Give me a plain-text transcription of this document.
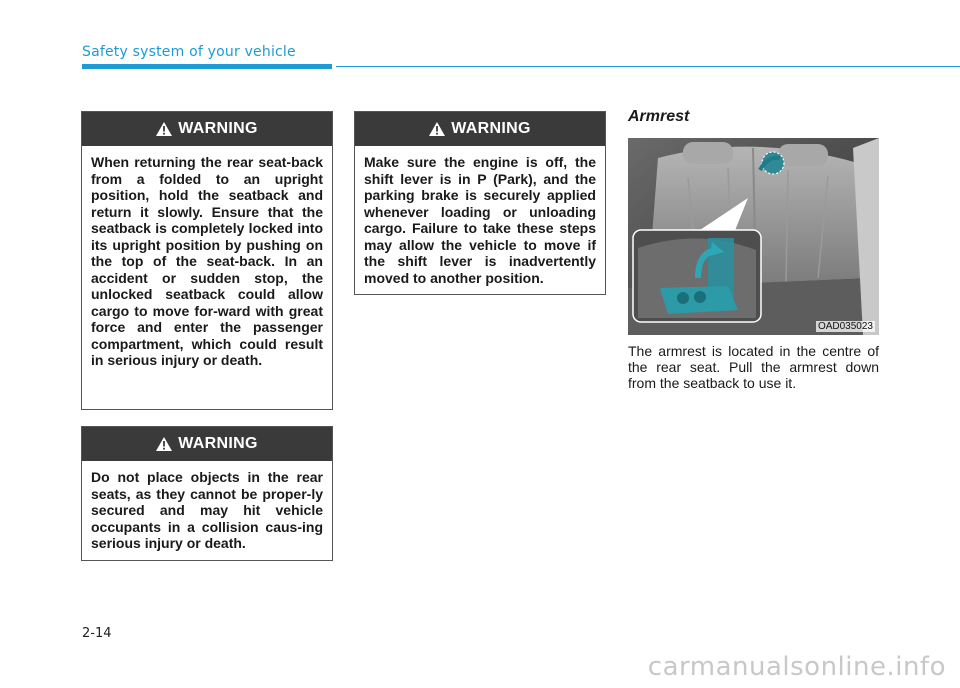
Safety system of your vehicle
WARNING
When returning the rear seat-back from a folded to an upright position, hold the seatback and return it slowly. Ensure that the seatback is completely locked into its upright position by pushing on the top of the seat-back. In an accident or sudden stop, the unlocked seatback could allow cargo to move for-ward with great force and enter the passenger compartment, which could result in serious injury or death.
WARNING
Do not place objects in the rear seats, as they cannot be proper-ly secured and may hit vehicle occupants in a collision caus-ing serious injury or death.
WARNING
Make sure the engine is off, the shift lever is in P (Park), and the parking brake is securely applied whenever loading or unloading cargo. Failure to take these steps may allow the vehicle to move if the shift lever is inadvertently moved to another position.
Armrest
OAD035023
The armrest is located in the centre of the rear seat. Pull the armrest down from the seatback to use it.
2-14
carmanualsonline.info
